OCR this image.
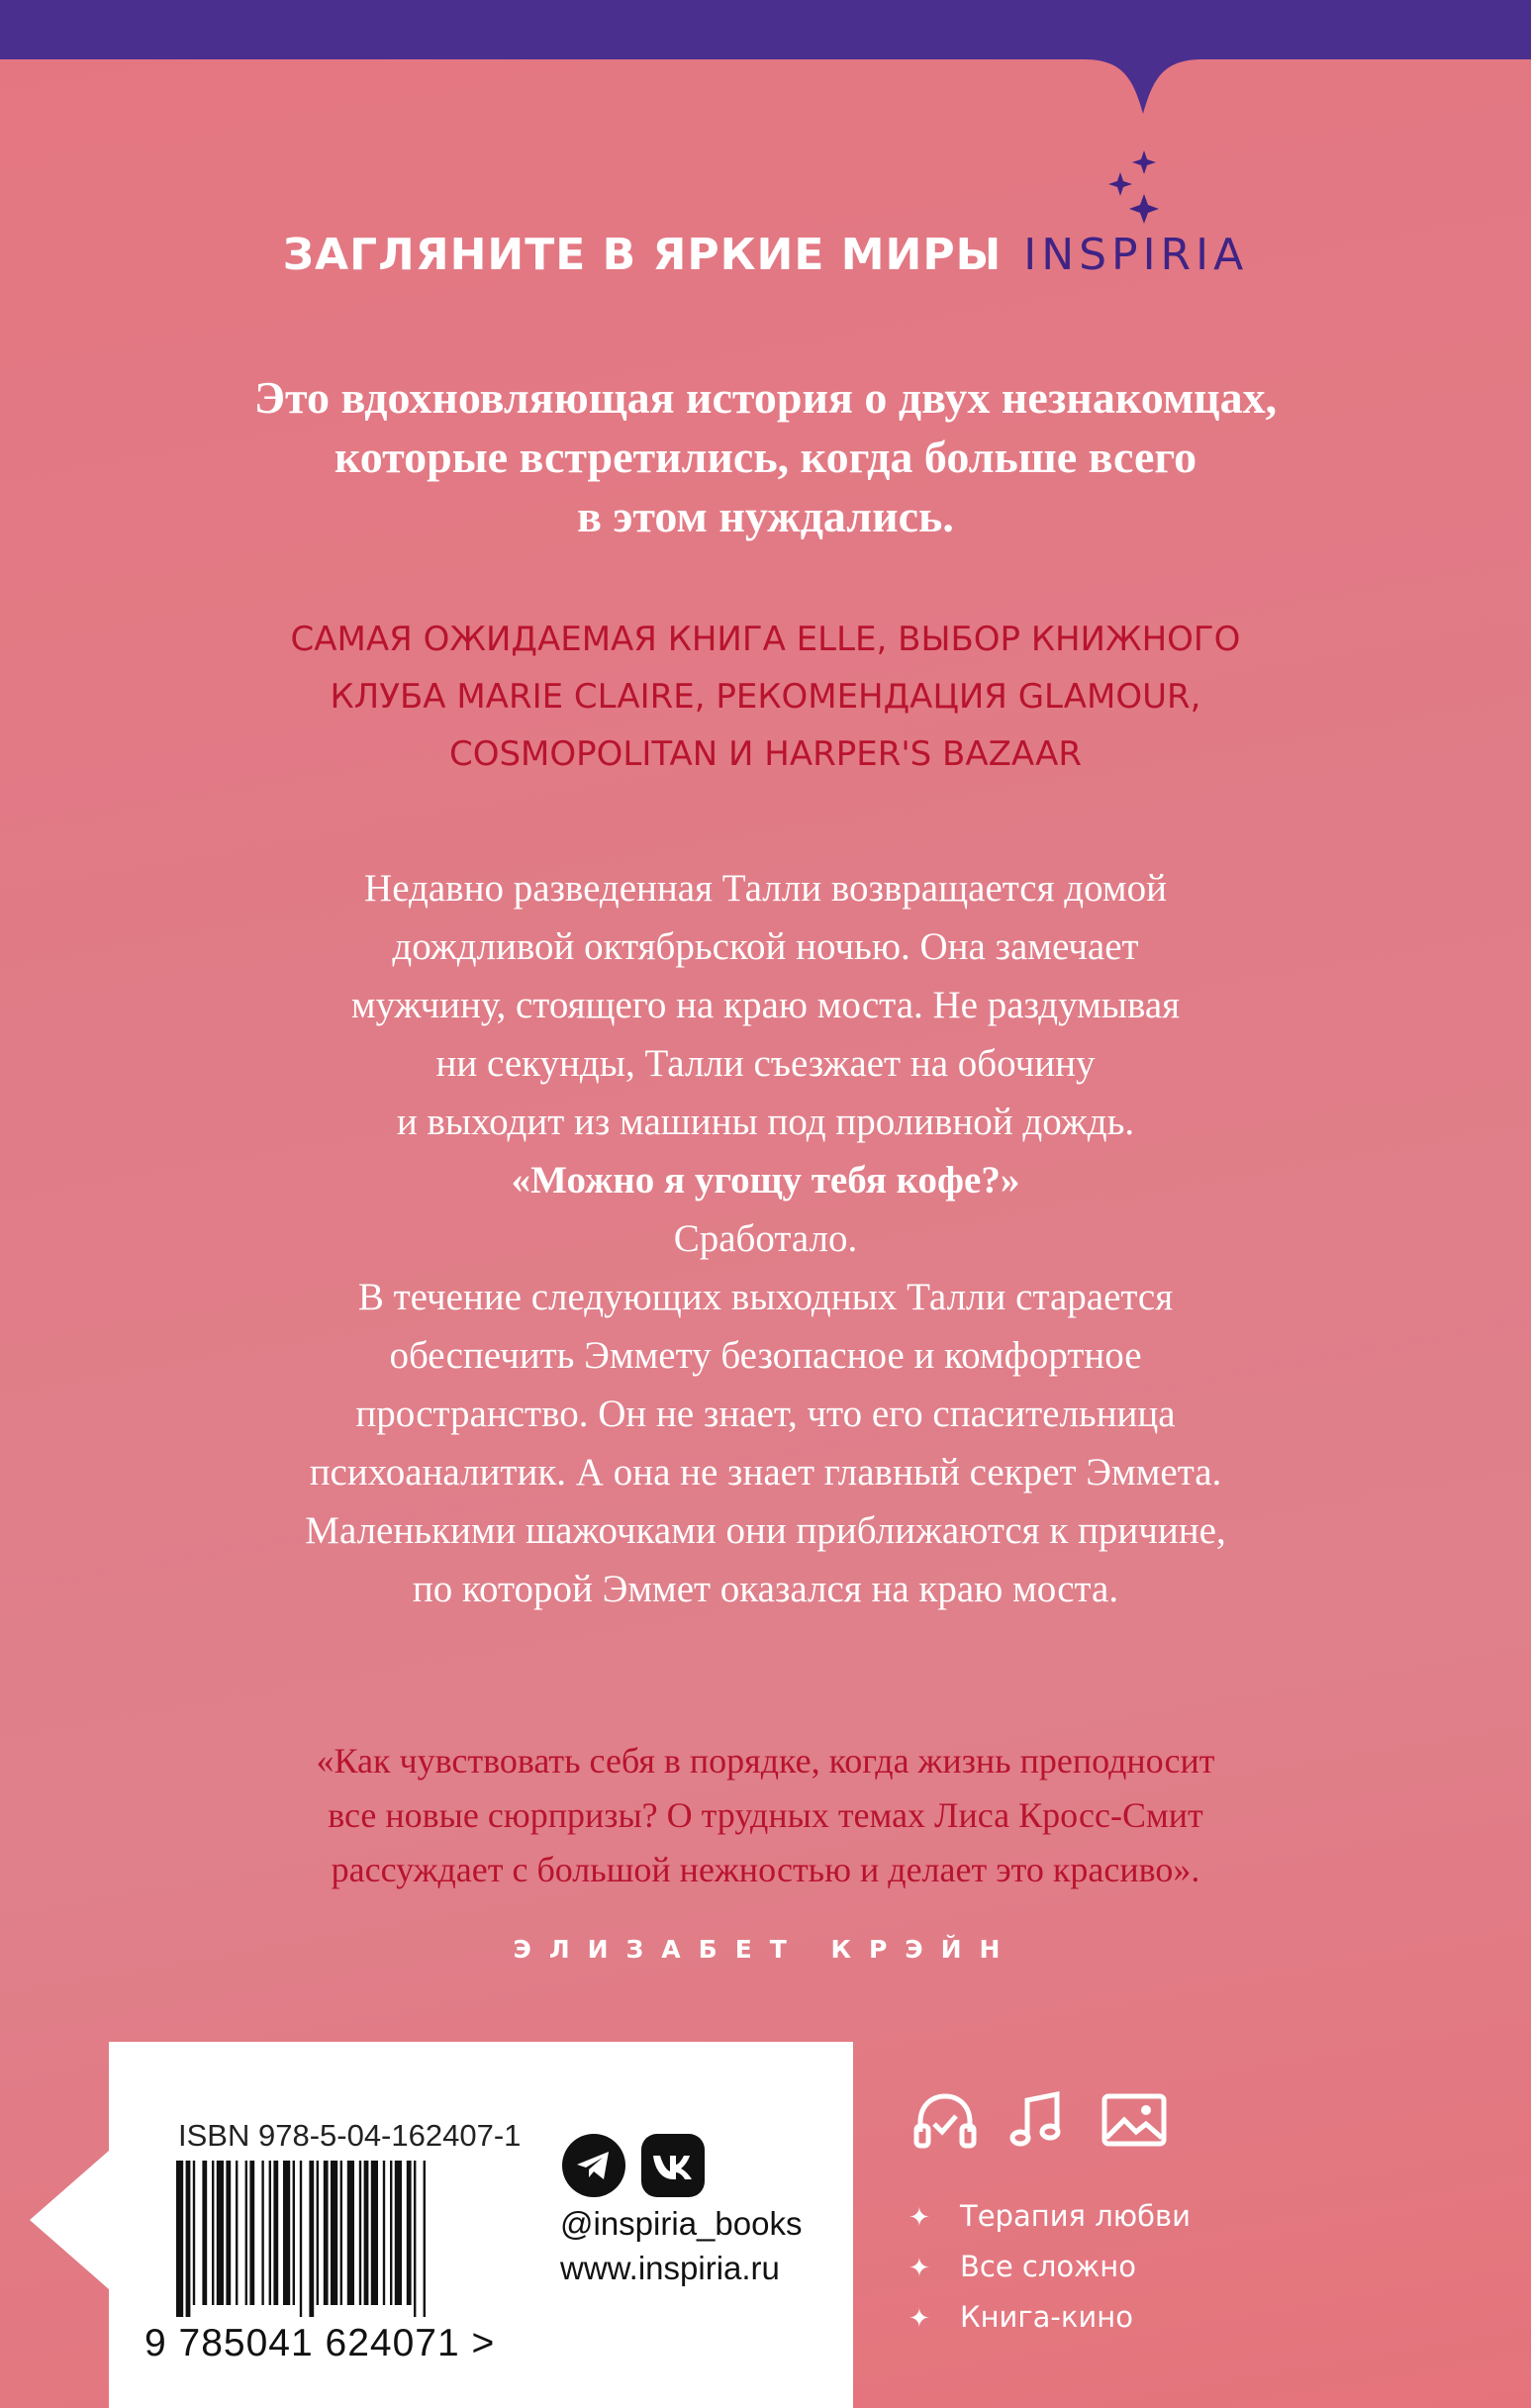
ЗАГЛЯНИТЕ В ЯРКИЕ МИРЫ INSPIRIA
Это вдохновляющая история о двух незнакомцах,
которые встретились, когда больше всего
в этом нуждались.
САМАЯ ОЖИДАЕМАЯ КНИГА ELLE, ВЫБОР КНИЖНОГО
КЛУБА MARIE CLAIRE, РЕКОМЕНДАЦИЯ GLAMOUR,
COSMOPOLITAN И HARPER'S BAZAAR
Недавно разведенная Талли возвращается домой
дождливой октябрьской ночью. Она замечает
мужчину, стоящего на краю моста. Не раздумывая
ни секунды, Талли съезжает на обочину
и выходит из машины под проливной дождь.
«Можно я угощу тебя кофе?»
Сработало.
В течение следующих выходных Талли старается
обеспечить Эммету безопасное и комфортное
пространство. Он не знает, что его спасительница
психоаналитик. А она не знает главный секрет Эммета.
Маленькими шажочками они приближаются к причине,
по которой Эммет оказался на краю моста.
«Как чувствовать себя в порядке, когда жизнь преподносит
все новые сюрпризы? О трудных темах Лиса Кросс-Смит
рассуждает с большой нежностью и делает это красиво».
ЭЛИЗАБЕТ КРЭЙН
ISBN 978-5-04-162407-1
9 785041 624071 >
@inspiria_books
www.inspiria.ru
✦ Терапия любви
✦ Все сложно
✦ Книга-кино
